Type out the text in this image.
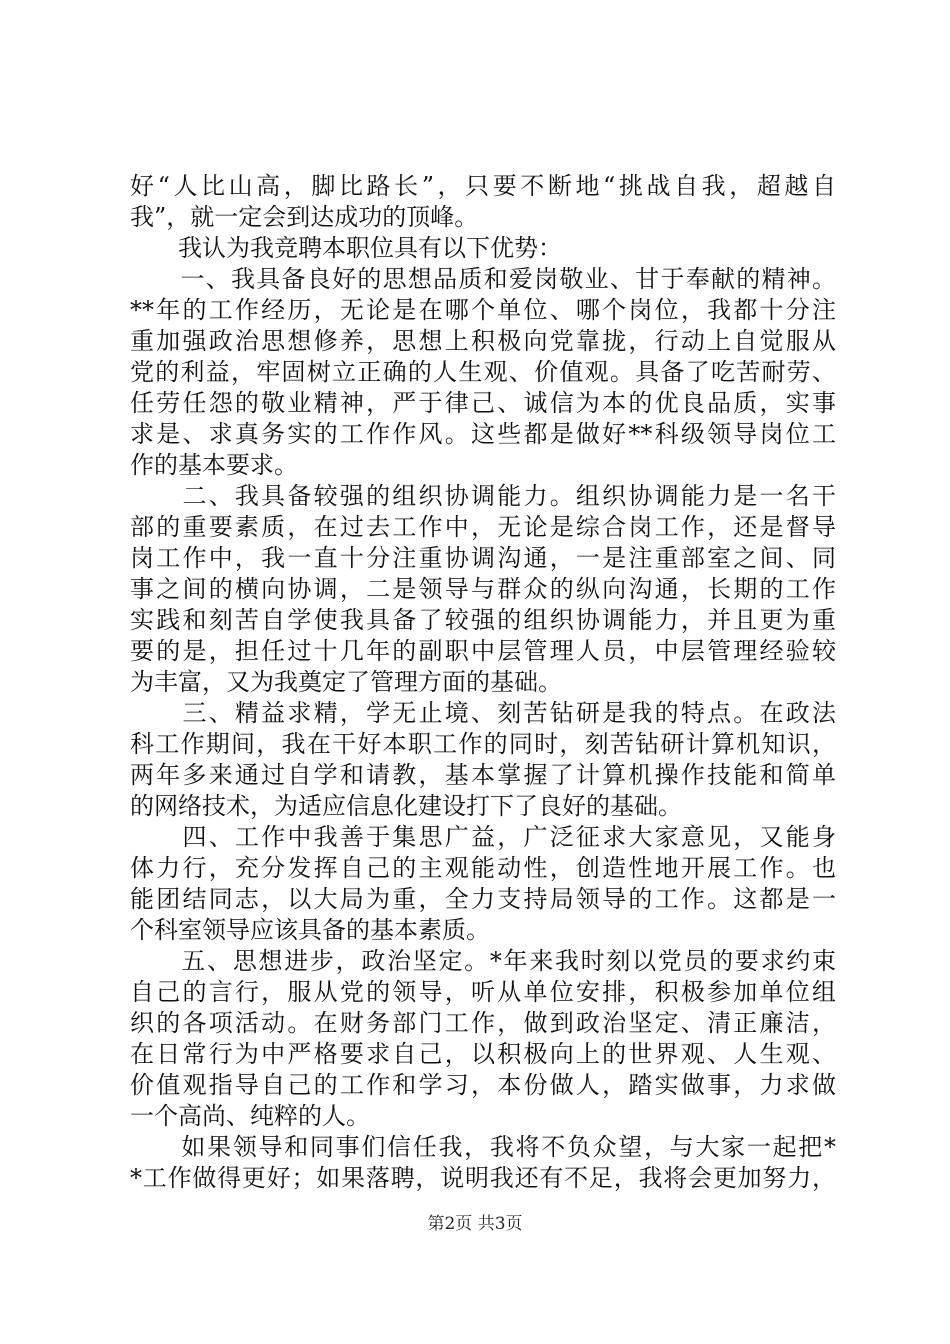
好“人比山高，脚比路长”，只要不断地“挑战自我，超越自
我”，就一定会到达成功的顶峰。
　　我认为我竞聘本职位具有以下优势：
　　一、我具备良好的思想品质和爱岗敬业、甘于奉献的精神。
**年的工作经历，无论是在哪个单位、哪个岗位，我都十分注
重加强政治思想修养，思想上积极向党靠拢，行动上自觉服从
党的利益，牢固树立正确的人生观、价值观。具备了吃苦耐劳、
任劳任怨的敬业精神，严于律己、诚信为本的优良品质，实事
求是、求真务实的工作作风。这些都是做好**科级领导岗位工
作的基本要求。
　　二、我具备较强的组织协调能力。组织协调能力是一名干
部的重要素质，在过去工作中，无论是综合岗工作，还是督导
岗工作中，我一直十分注重协调沟通，一是注重部室之间、同
事之间的横向协调，二是领导与群众的纵向沟通，长期的工作
实践和刻苦自学使我具备了较强的组织协调能力，并且更为重
要的是，担任过十几年的副职中层管理人员，中层管理经验较
为丰富，又为我奠定了管理方面的基础。
　　三、精益求精，学无止境、刻苦钻研是我的特点。在政法
科工作期间，我在干好本职工作的同时，刻苦钻研计算机知识，
两年多来通过自学和请教，基本掌握了计算机操作技能和简单
的网络技术，为适应信息化建设打下了良好的基础。
　　四、工作中我善于集思广益，广泛征求大家意见，又能身
体力行，充分发挥自己的主观能动性，创造性地开展工作。也
能团结同志，以大局为重，全力支持局领导的工作。这都是一
个科室领导应该具备的基本素质。
　　五、思想进步，政治坚定。*年来我时刻以党员的要求约束
自己的言行，服从党的领导，听从单位安排，积极参加单位组
织的各项活动。在财务部门工作，做到政治坚定、清正廉洁，
在日常行为中严格要求自己，以积极向上的世界观、人生观、
价值观指导自己的工作和学习，本份做人，踏实做事，力求做
一个高尚、纯粹的人。
　　如果领导和同事们信任我，我将不负众望，与大家一起把*
*工作做得更好；如果落聘，说明我还有不足，我将会更加努力，
第2页 共3页
